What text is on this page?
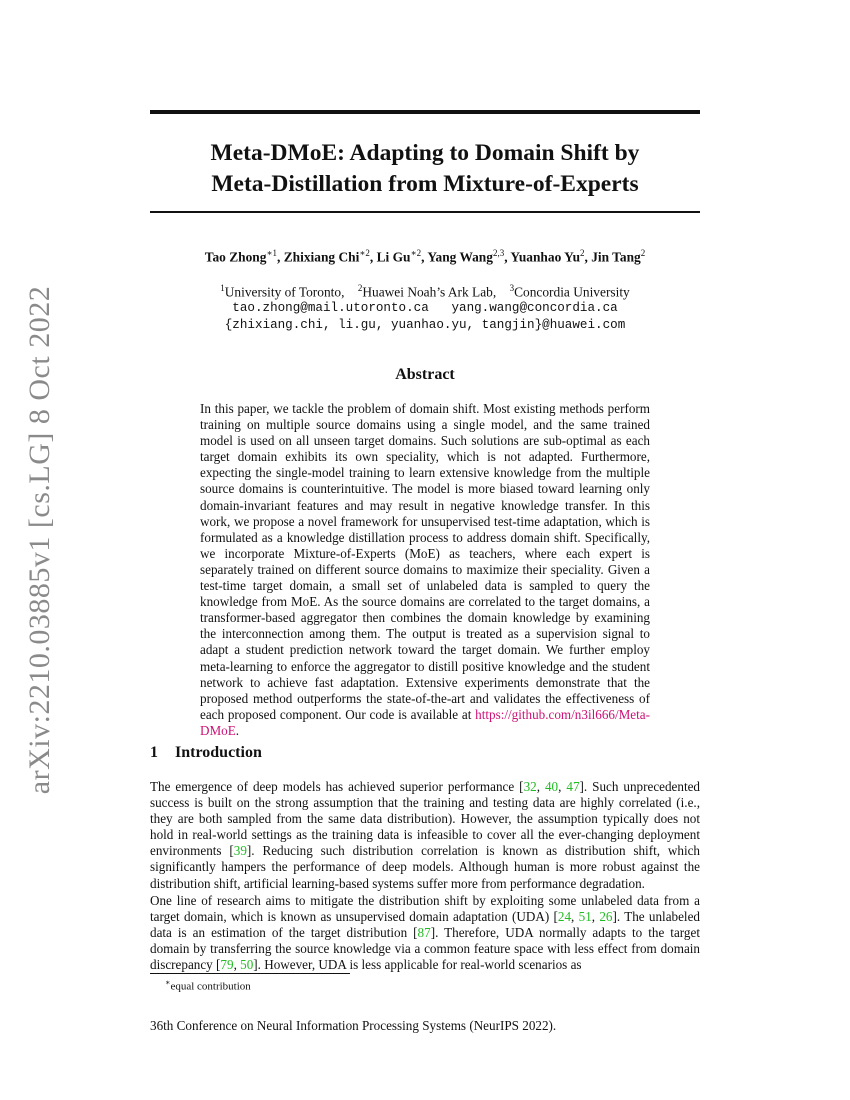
arXiv:2210.03885v1 [cs.LG] 8 Oct 2022
Meta-DMoE: Adapting to Domain Shift by
Meta-Distillation from Mixture-of-Experts
Tao Zhong$^{∗1}$, Zhixiang Chi$^{∗2}$, Li $Gu^{∗2}$, Yang Wang$^{2,3}$, Yuanhao Yu$^2$, Jin Tang$^2$
$^1$University of Toronto, $^2$Huawei Noah’s Ark Lab, $^3$Concordia University
tao.zhong@mail.utoronto.ca   yang.wang@concordia.ca
{zhixiang.chi, li.gu, yuanhao.yu, tangjin}@huawei.com
Abstract
In this paper, we tackle the problem of domain shift. Most existing methods perform training on multiple source domains using a single model, and the same trained model is used on all unseen target domains. Such solutions are sub-optimal as each target domain exhibits its own speciality, which is not adapted. Furthermore, expecting the single-model training to learn extensive knowledge from the multiple source domains is counterintuitive. The model is more biased toward learning only domain-invariant features and may result in negative knowledge transfer. In this work, we propose a novel framework for unsupervised test-time adaptation, which is formulated as a knowledge distillation process to address domain shift. Specifically, we incorporate Mixture-of-Experts (MoE) as teachers, where each expert is separately trained on different source domains to maximize their speciality. Given a test-time target domain, a small set of unlabeled data is sampled to query the knowledge from MoE. As the source domains are correlated to the target domains, a transformer-based aggregator then combines the domain knowledge by examining the interconnection among them. The output is treated as a supervision signal to adapt a student prediction network toward the target domain. We further employ meta-learning to enforce the aggregator to distill positive knowledge and the student network to achieve fast adaptation. Extensive experiments demonstrate that the proposed method outperforms the state-of-the-art and validates the effectiveness of each proposed component. Our code is available at https://github.com/n3il666/Meta-DMoE.
1 Introduction
The emergence of deep models has achieved superior performance [32, 40, 47]. Such unprecedented success is built on the strong assumption that the training and testing data are highly correlated (i.e., they are both sampled from the same data distribution). However, the assumption typically does not hold in real-world settings as the training data is infeasible to cover all the ever-changing deployment environments [39]. Reducing such distribution correlation is known as distribution shift, which significantly hampers the performance of deep models. Although human is more robust against the distribution shift, artificial learning-based systems suffer more from performance degradation.
One line of research aims to mitigate the distribution shift by exploiting some unlabeled data from a target domain, which is known as unsupervised domain adaptation (UDA) [24, 51, 26]. The unlabeled data is an estimation of the target distribution [87]. Therefore, UDA normally adapts to the target domain by transferring the source knowledge via a common feature space with less effect from domain discrepancy [79, 50]. However, UDA is less applicable for real-world scenarios as
∗equal contribution
36th Conference on Neural Information Processing Systems (NeurIPS 2022).
